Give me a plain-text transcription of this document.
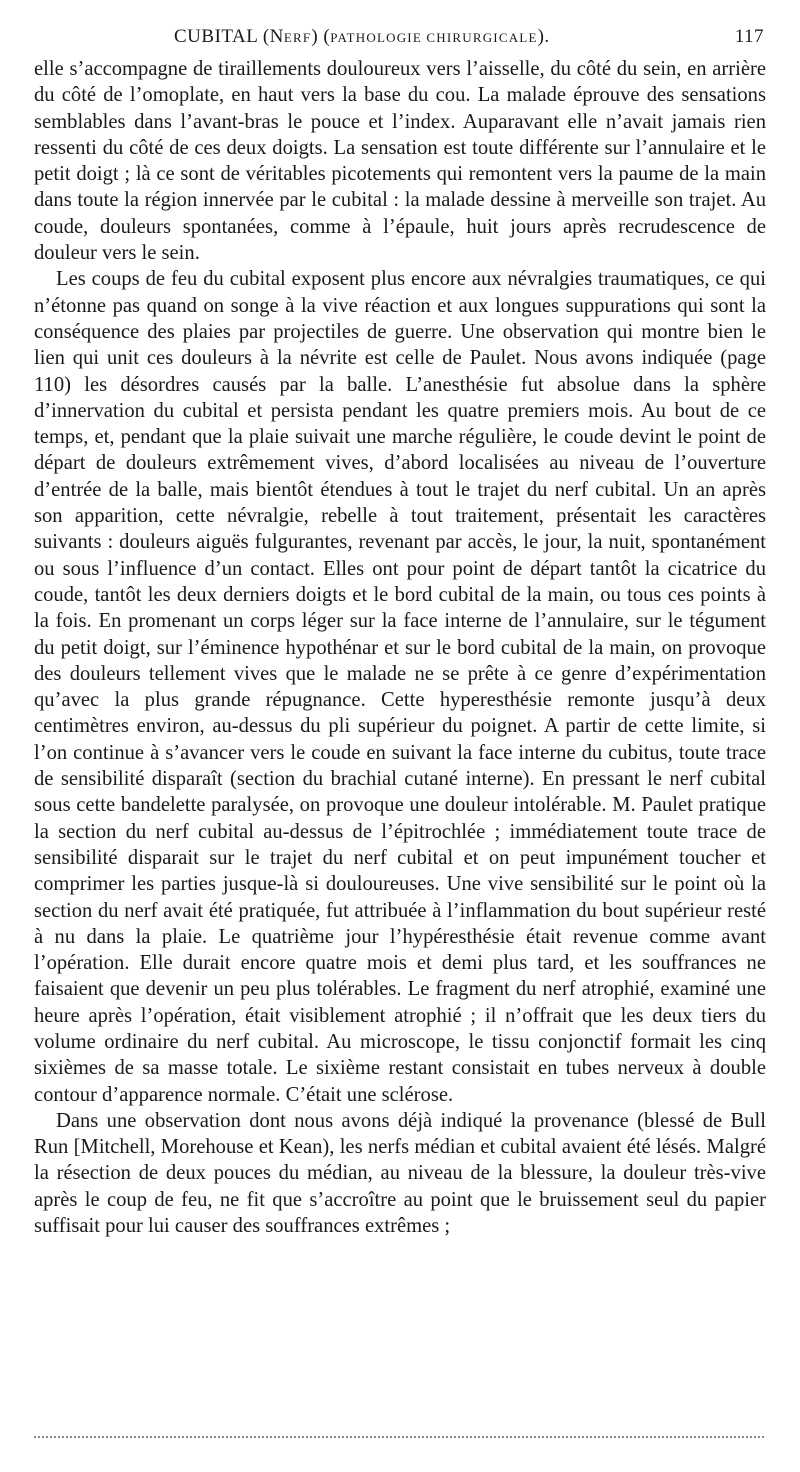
CUBITAL (NERF) (PATHOLOGIE CHIRURGICALE).	117

elle s’accompagne de tiraillements douloureux vers l’aisselle, du côté du sein, en arrière du côté de l’omoplate, en haut vers la base du cou. La malade éprouve des sensations semblables dans l’avant-bras le pouce et l’index. Auparavant elle n’avait jamais rien ressenti du côté de ces deux doigts. La sensation est toute différente sur l’annulaire et le petit doigt ; là ce sont de véritables picotements qui remontent vers la paume de la main dans toute la région innervée par le cubital : la malade dessine à merveille son trajet. Au coude, douleurs spontanées, comme à l’épaule, huit jours après recrudescence de douleur vers le sein.

Les coups de feu du cubital exposent plus encore aux névralgies traumatiques, ce qui n’étonne pas quand on songe à la vive réaction et aux longues suppurations qui sont la conséquence des plaies par projectiles de guerre. Une observation qui montre bien le lien qui unit ces douleurs à la névrite est celle de Paulet. Nous avons indiquée (page 110) les désordres causés par la balle. L’anesthésie fut absolue dans la sphère d’innervation du cubital et persista pendant les quatre premiers mois. Au bout de ce temps, et, pendant que la plaie suivait une marche régulière, le coude devint le point de départ de douleurs extrêmement vives, d’abord localisées au niveau de l’ouverture d’entrée de la balle, mais bientôt étendues à tout le trajet du nerf cubital. Un an après son apparition, cette névralgie, rebelle à tout traitement, présentait les caractères suivants : douleurs aiguës fulgurantes, revenant par accès, le jour, la nuit, spontanément ou sous l’influence d’un contact. Elles ont pour point de départ tantôt la cicatrice du coude, tantôt les deux derniers doigts et le bord cubital de la main, ou tous ces points à la fois. En promenant un corps léger sur la face interne de l’annulaire, sur le tégument du petit doigt, sur l’éminence hypothénar et sur le bord cubital de la main, on provoque des douleurs tellement vives que le malade ne se prête à ce genre d’expérimentation qu’avec la plus grande répugnance. Cette hyperesthésie remonte jusqu’à deux centimètres environ, au-dessus du pli supérieur du poignet. A partir de cette limite, si l’on continue à s’avancer vers le coude en suivant la face interne du cubitus, toute trace de sensibilité disparaît (section du brachial cutané interne). En pressant le nerf cubital sous cette bandelette paralysée, on provoque une douleur intolérable. M. Paulet pratique la section du nerf cubital au-dessus de l’épitrochlée ; immédiatement toute trace de sensibilité disparait sur le trajet du nerf cubital et on peut impunément toucher et comprimer les parties jusque-là si douloureuses. Une vive sensibilité sur le point où la section du nerf avait été pratiquée, fut attribuée à l’inflammation du bout supérieur resté à nu dans la plaie. Le quatrième jour l’hypéresthésie était revenue comme avant l’opération. Elle durait encore quatre mois et demi plus tard, et les souffrances ne faisaient que devenir un peu plus tolérables. Le fragment du nerf atrophié, examiné une heure après l’opération, était visiblement atrophié ; il n’offrait que les deux tiers du volume ordinaire du nerf cubital. Au microscope, le tissu conjonctif formait les cinq sixièmes de sa masse totale. Le sixième restant consistait en tubes nerveux à double contour d’apparence normale. C’était une sclérose.

Dans une observation dont nous avons déjà indiqué la provenance (blessé de Bull Run [Mitchell, Morehouse et Kean), les nerfs médian et cubital avaient été lésés. Malgré la résection de deux pouces du médian, au niveau de la blessure, la douleur très-vive après le coup de feu, ne fit que s’accroître au point que le bruissement seul du papier suffisait pour lui causer des souffrances extrêmes ;
